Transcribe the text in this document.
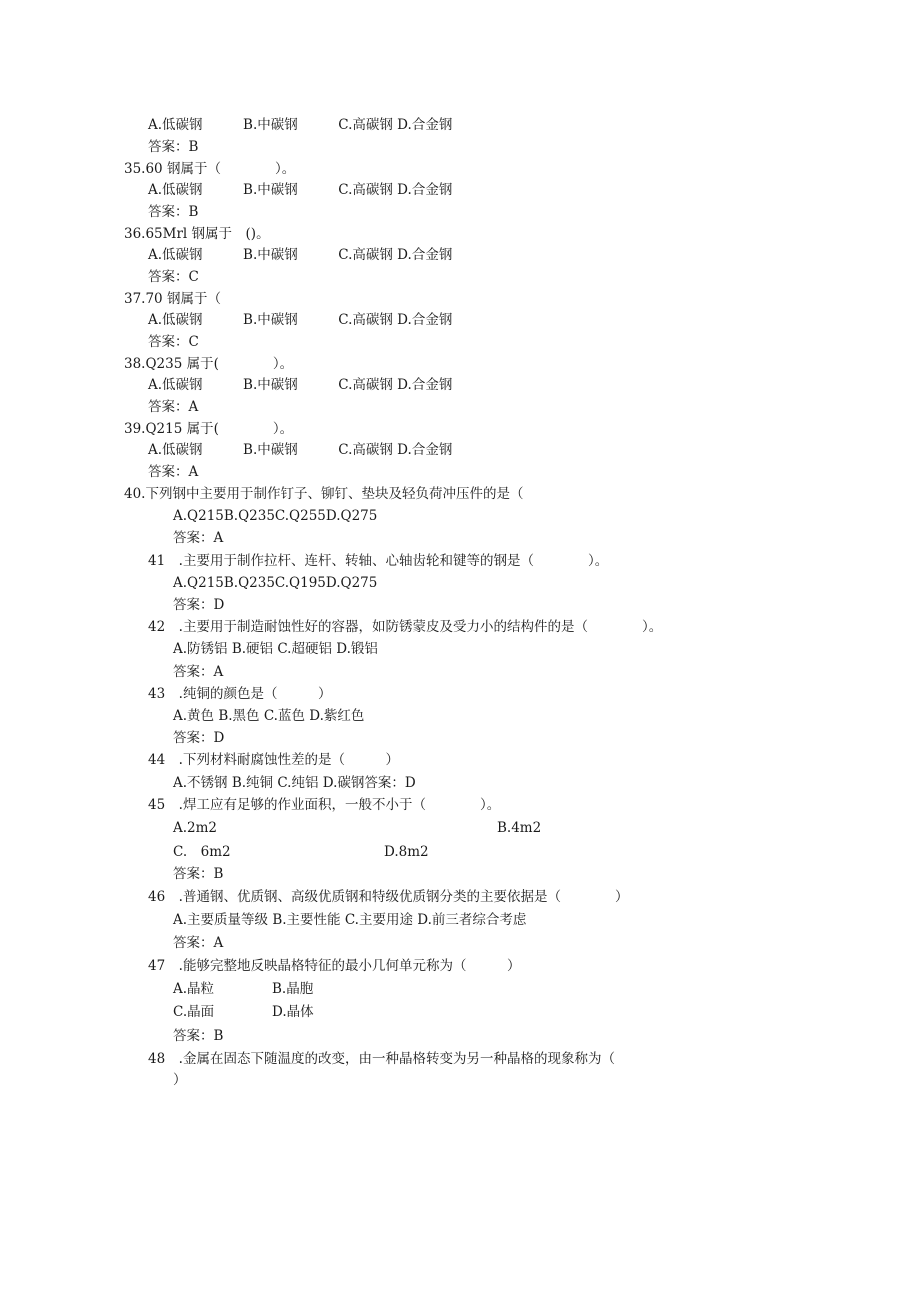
A.低碳钢　　　B.中碳钢　　　C.高碳钢 D.合金钢
答案：B
35.60 钢属于（　　　　）。
A.低碳钢　　　B.中碳钢　　　C.高碳钢 D.合金钢
答案：B
36.65Mrl 钢属于　()。
A.低碳钢　　　B.中碳钢　　　C.高碳钢 D.合金钢
答案：C
37.70 钢属于（
A.低碳钢　　　B.中碳钢　　　C.高碳钢 D.合金钢
答案：C
38.Q235 属于(　　　　）。
A.低碳钢　　　B.中碳钢　　　C.高碳钢 D.合金钢
答案：A
39.Q215 属于(　　　　）。
A.低碳钢　　　B.中碳钢　　　C.高碳钢 D.合金钢
答案：A
40.下列钢中主要用于制作钉子、铆钉、垫块及轻负荷冲压件的是（
A.Q215B.Q235C.Q255D.Q275
答案：A
41　.主要用于制作拉杆、连杆、转轴、心轴齿轮和键等的钢是（　　　　）。
A.Q215B.Q235C.Q195D.Q275
答案：D
42　.主要用于制造耐蚀性好的容器，如防锈蒙皮及受力小的结构件的是（　　　　）。
A.防锈铝 B.硬铝 C.超硬铝 D.锻铝
答案：A
43　.纯铜的颜色是（　　　）
A.黄色 B.黑色 C.蓝色 D.紫红色
答案：D
44　.下列材料耐腐蚀性差的是（　　　）
A.不锈钢 B.纯铜 C.纯铝 D.碳钢答案：D
45　.焊工应有足够的作业面积，一般不小于（　　　　）。
A.2m2	B.4m2
C.　6m2	D.8m2
答案：B
46　.普通钢、优质钢、高级优质钢和特级优质钢分类的主要依据是（　　　　）
A.主要质量等级 B.主要性能 C.主要用途 D.前三者综合考虑
答案：A
47　.能够完整地反映晶格特征的最小几何单元称为（　　　）
A.晶粒	B.晶胞
C.晶面	D.晶体
答案：B
48　.金属在固态下随温度的改变，由一种晶格转变为另一种晶格的现象称为（
）
